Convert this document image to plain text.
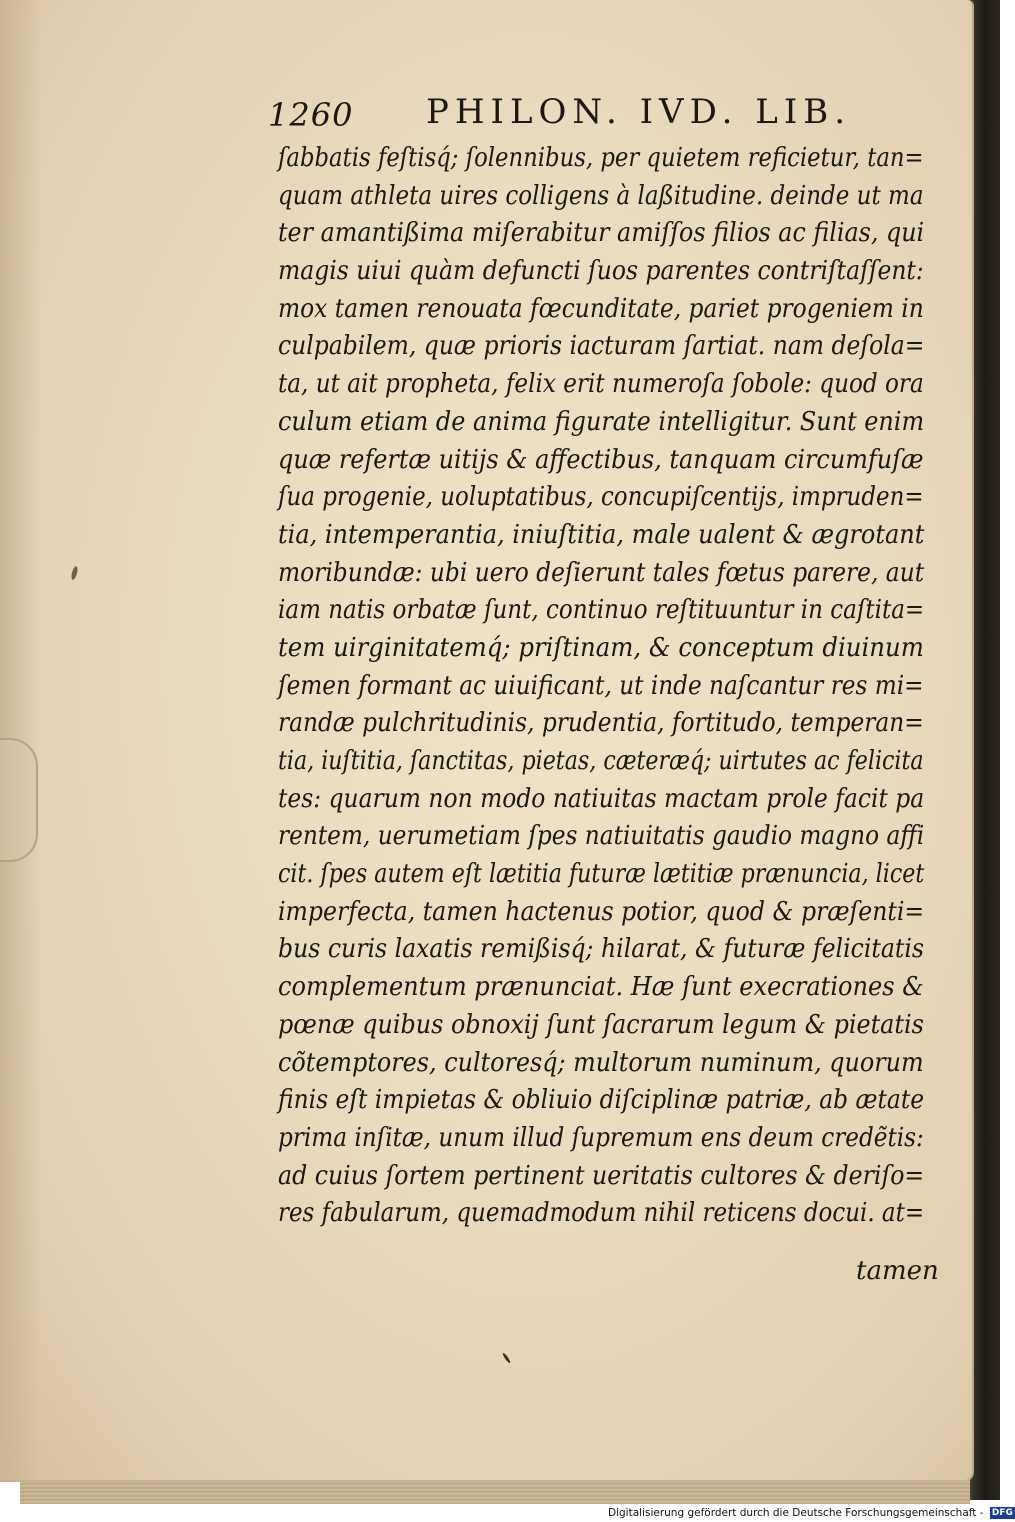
1260 PHILON. IVD. LIB.
ſabbatis feſtisq́; ſolennibus, per quietem reficietur, tan=
quam athleta uires colligens à laßitudine. deinde ut ma
ter amantißima miſerabitur amiſſos filios ac filias, qui
magis uiui quàm defuncti ſuos parentes contriſtaſſent:
mox tamen renouata fœcunditate, pariet progeniem in
culpabilem, quæ prioris iacturam ſartiat. nam deſola=
ta, ut ait propheta, felix erit numeroſa ſobole: quod ora
culum etiam de anima figurate intelligitur. Sunt enim
quæ refertæ uitijs & affectibus, tanquam circumfuſæ
ſua progenie, uoluptatibus, concupiſcentijs, impruden=
tia, intemperantia, iniuſtitia, male ualent & ægrotant
moribundæ: ubi uero deſierunt tales fœtus parere, aut
iam natis orbatæ ſunt, continuo reſtituuntur in caſtita=
tem uirginitatemq́; priſtinam, & conceptum diuinum
ſemen formant ac uiuificant, ut inde naſcantur res mi=
randæ pulchritudinis, prudentia, fortitudo, temperan=
tia, iuſtitia, ſanctitas, pietas, cæteræq́; uirtutes ac felicita
tes: quarum non modo natiuitas mactam prole facit pa
rentem, uerumetiam ſpes natiuitatis gaudio magno affi
cit. ſpes autem eſt lætitia futuræ lætitiæ prænuncia, licet
imperfecta, tamen hactenus potior, quod & præſenti=
bus curis laxatis remißisq́; hilarat, & futuræ felicitatis
complementum prænunciat. Hæ ſunt execrationes &
pœnæ quibus obnoxij ſunt ſacrarum legum & pietatis
cõtemptores, cultoresq́; multorum numinum, quorum
finis eſt impietas & obliuio diſciplinæ patriæ, ab ætate
prima inſitæ, unum illud ſupremum ens deum credẽtis:
ad cuius ſortem pertinent ueritatis cultores & deriſo=
res fabularum, quemadmodum nihil reticens docui. at=
tamen
Digitalisierung gefördert durch die Deutsche Forschungsgemeinschaft - DFG
